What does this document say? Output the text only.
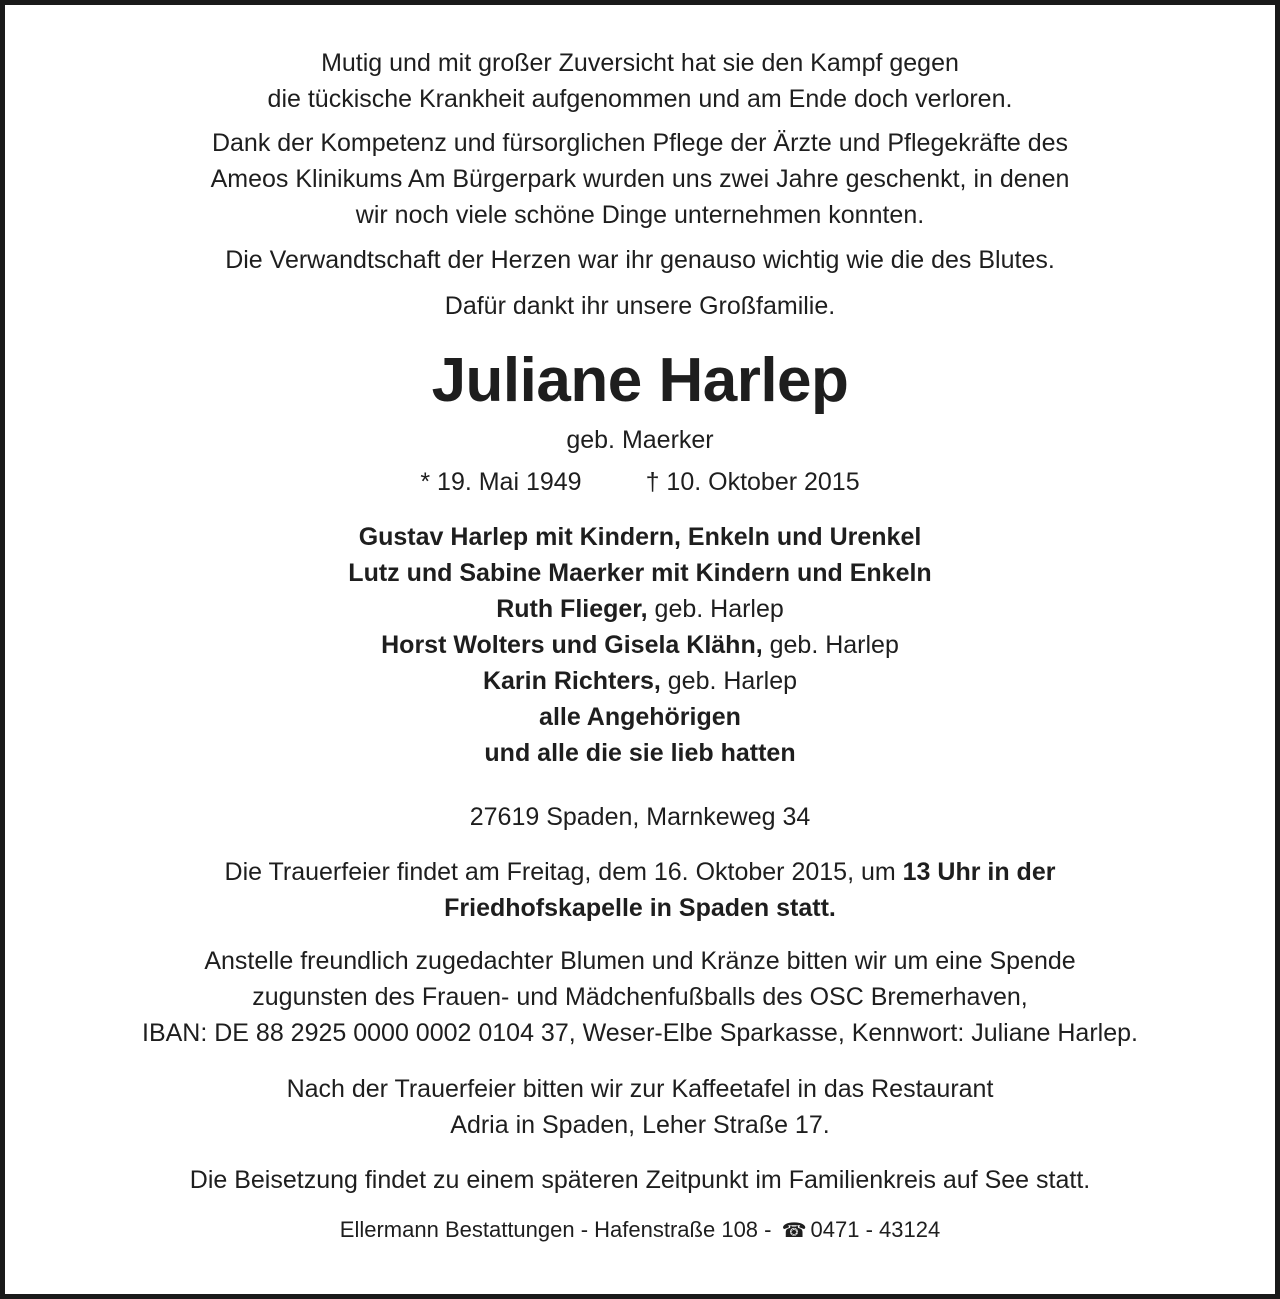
Mutig und mit großer Zuversicht hat sie den Kampf gegen
die tückische Krankheit aufgenommen und am Ende doch verloren.
Dank der Kompetenz und fürsorglichen Pflege der Ärzte und Pflegekräfte des
Ameos Klinikums Am Bürgerpark wurden uns zwei Jahre geschenkt, in denen
wir noch viele schöne Dinge unternehmen konnten.
Die Verwandtschaft der Herzen war ihr genauso wichtig wie die des Blutes.
Dafür dankt ihr unsere Großfamilie.
Juliane Harlep
geb. Maerker
* 19. Mai 1949	† 10. Oktober 2015
Gustav Harlep mit Kindern, Enkeln und Urenkel
Lutz und Sabine Maerker mit Kindern und Enkeln
Ruth Flieger, geb. Harlep
Horst Wolters und Gisela Klähn, geb. Harlep
Karin Richters, geb. Harlep
alle Angehörigen
und alle die sie lieb hatten
27619 Spaden, Marnkeweg 34
Die Trauerfeier findet am Freitag, dem 16. Oktober 2015, um 13 Uhr in der
Friedhofskapelle in Spaden statt.
Anstelle freundlich zugedachter Blumen und Kränze bitten wir um eine Spende
zugunsten des Frauen- und Mädchenfußballs des OSC Bremerhaven,
IBAN: DE 88 2925 0000 0002 0104 37, Weser-Elbe Sparkasse, Kennwort: Juliane Harlep.
Nach der Trauerfeier bitten wir zur Kaffeetafel in das Restaurant
Adria in Spaden, Leher Straße 17.
Die Beisetzung findet zu einem späteren Zeitpunkt im Familienkreis auf See statt.
Ellermann Bestattungen - Hafenstraße 108 - ☎ 0471 - 43124
